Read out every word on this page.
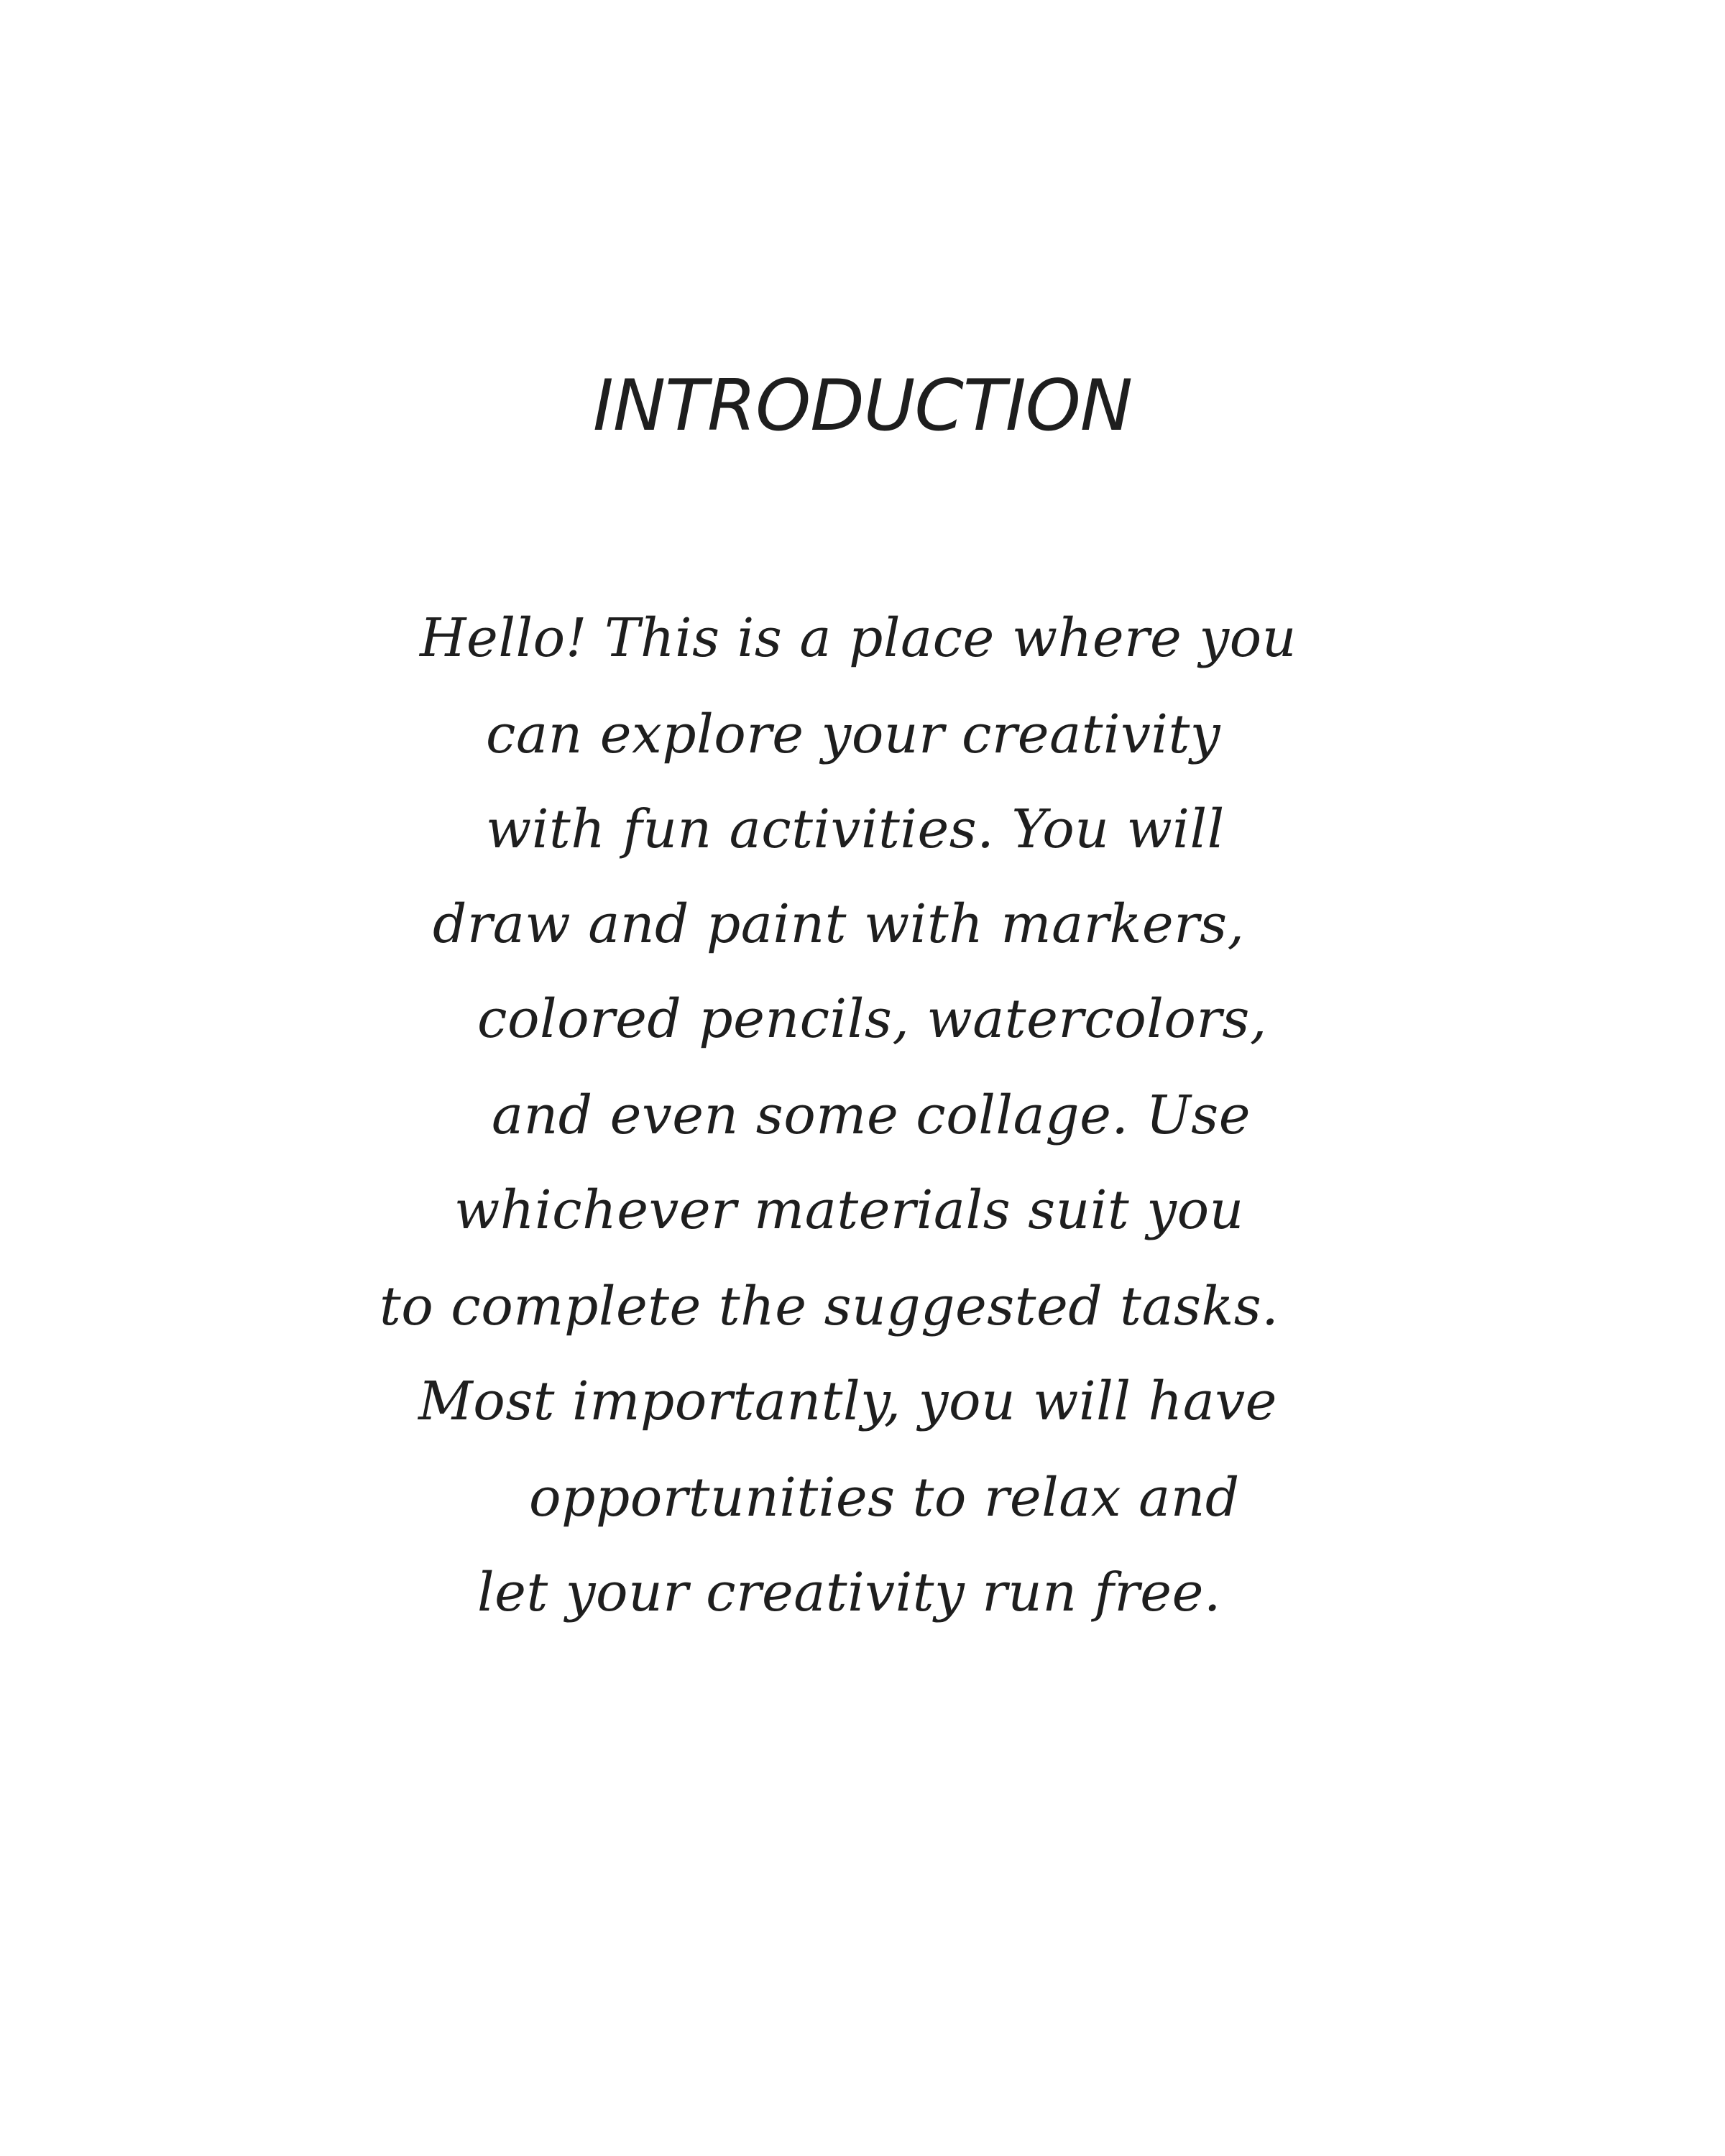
INTRODUCTION
Hello! This is a place where you
can explore your creativity
with fun activities. You will
draw and paint with markers,
colored pencils, watercolors,
and even some collage. Use
whichever materials suit you
to complete the suggested tasks.
Most importantly, you will have
opportunities to relax and
let your creativity run free.
